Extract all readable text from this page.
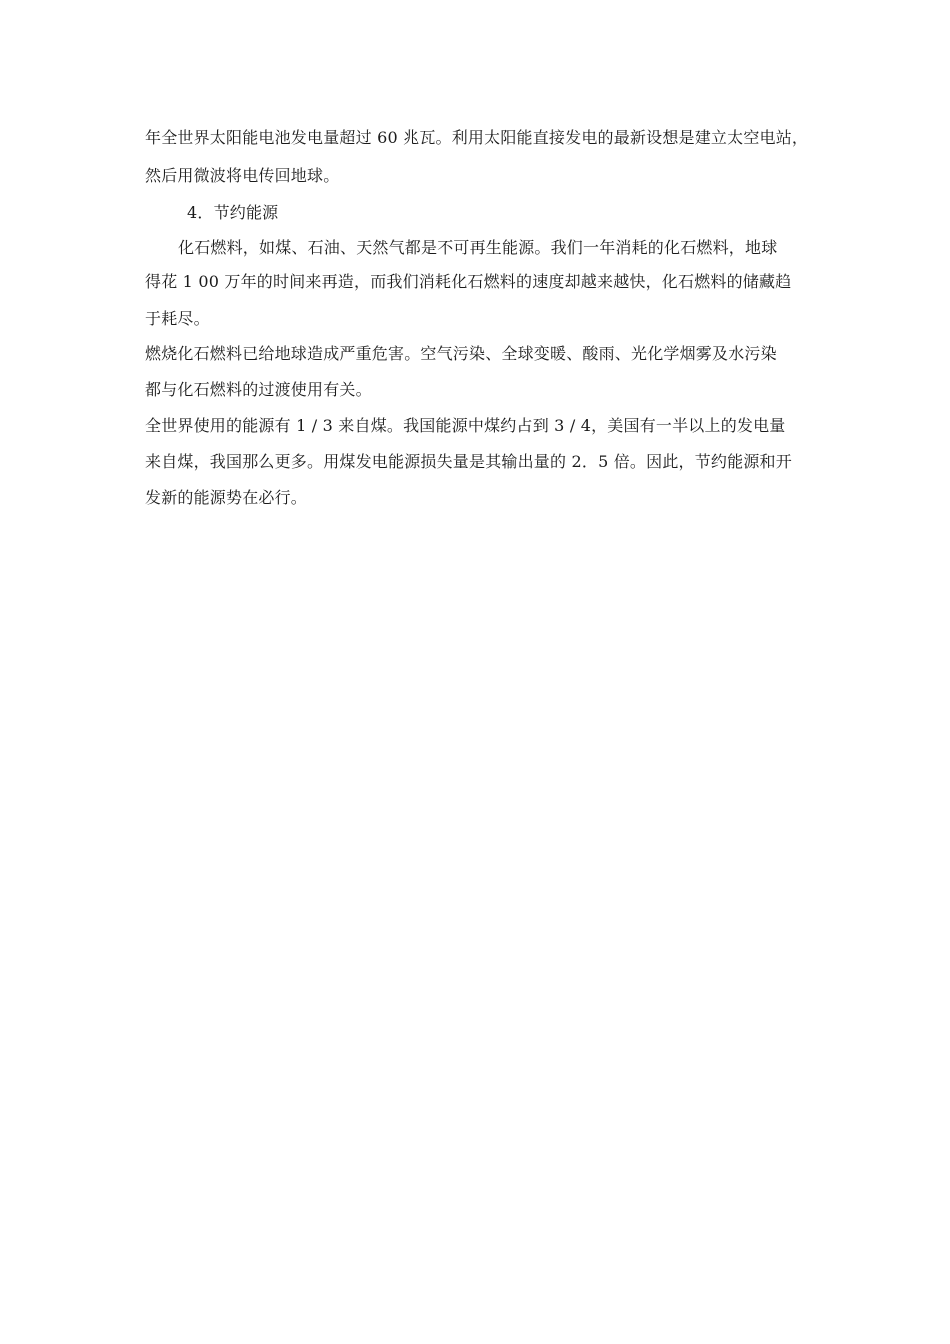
年全世界太阳能电池发电量超过 60 兆瓦。利用太阳能直接发电的最新设想是建立太空电站，
然后用微波将电传回地球。
4．节约能源
化石燃料，如煤、石油、天然气都是不可再生能源。我们一年消耗的化石燃料，地球
得花 1 00 万年的时间来再造，而我们消耗化石燃料的速度却越来越快，化石燃料的储藏趋
于耗尽。
燃烧化石燃料已给地球造成严重危害。空气污染、全球变暖、酸雨、光化学烟雾及水污染
都与化石燃料的过渡使用有关。
全世界使用的能源有 1 / 3 来自煤。我国能源中煤约占到 3 / 4，美国有一半以上的发电量
来自煤，我国那么更多。用煤发电能源损失量是其输出量的 2．5 倍。因此，节约能源和开
发新的能源势在必行。
